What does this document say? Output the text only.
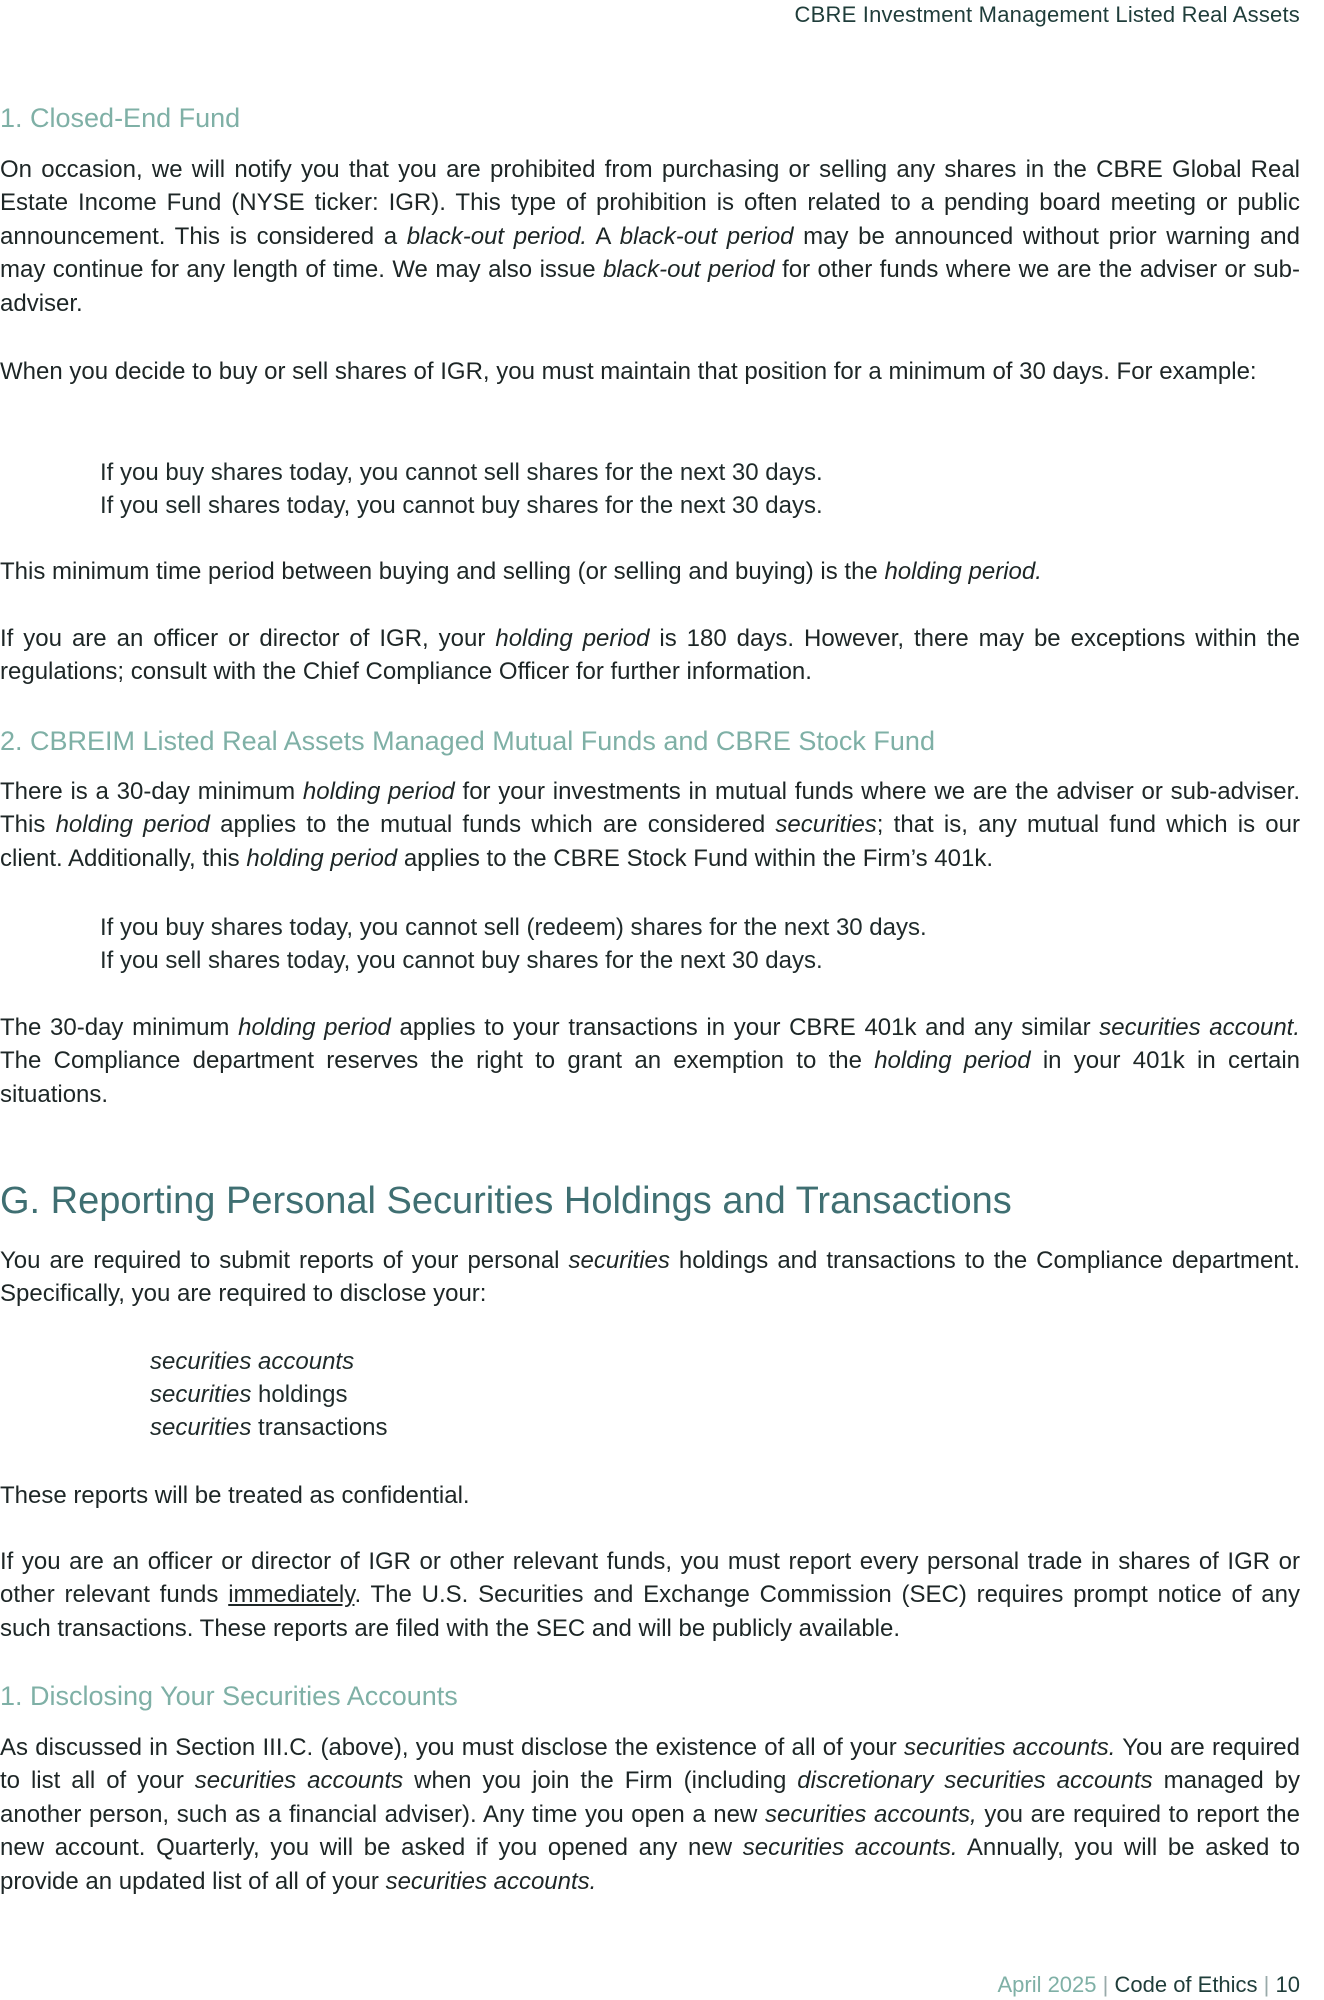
CBRE Investment Management Listed Real Assets
1. Closed-End Fund

On occasion, we will notify you that you are prohibited from purchasing or selling any shares in the CBRE Global Real Estate Income Fund (NYSE ticker: IGR). This type of prohibition is often related to a pending board meeting or public announcement. This is considered a black-out period. A black-out period may be announced without prior warning and may continue for any length of time. We may also issue black-out period for other funds where we are the adviser or sub-adviser.

When you decide to buy or sell shares of IGR, you must maintain that position for a minimum of 30 days. For example:

If you buy shares today, you cannot sell shares for the next 30 days.

If you sell shares today, you cannot buy shares for the next 30 days.

This minimum time period between buying and selling (or selling and buying) is the holding period.

If you are an officer or director of IGR, your holding period is 180 days. However, there may be exceptions within the regulations; consult with the Chief Compliance Officer for further information.

2. CBREIM Listed Real Assets Managed Mutual Funds and CBRE Stock Fund

There is a 30-day minimum holding period for your investments in mutual funds where we are the adviser or sub-adviser. This holding period applies to the mutual funds which are considered securities; that is, any mutual fund which is our client. Additionally, this holding period applies to the CBRE Stock Fund within the Firm’s 401k.

If you buy shares today, you cannot sell (redeem) shares for the next 30 days.

If you sell shares today, you cannot buy shares for the next 30 days.

The 30-day minimum holding period applies to your transactions in your CBRE 401k and any similar securities account. The Compliance department reserves the right to grant an exemption to the holding period in your 401k in certain situations.

G. Reporting Personal Securities Holdings and Transactions

You are required to submit reports of your personal securities holdings and transactions to the Compliance department. Specifically, you are required to disclose your:

securities accounts

securities holdings

securities transactions

These reports will be treated as confidential.

If you are an officer or director of IGR or other relevant funds, you must report every personal trade in shares of IGR or other relevant funds immediately. The U.S. Securities and Exchange Commission (SEC) requires prompt notice of any such transactions. These reports are filed with the SEC and will be publicly available.

1. Disclosing Your Securities Accounts

As discussed in Section III.C. (above), you must disclose the existence of all of your securities accounts. You are required to list all of your securities accounts when you join the Firm (including discretionary securities accounts managed by another person, such as a financial adviser). Any time you open a new securities accounts, you are required to report the new account. Quarterly, you will be asked if you opened any new securities accounts. Annually, you will be asked to provide an updated list of all of your securities accounts.

April 2025 | Code of Ethics | 10
